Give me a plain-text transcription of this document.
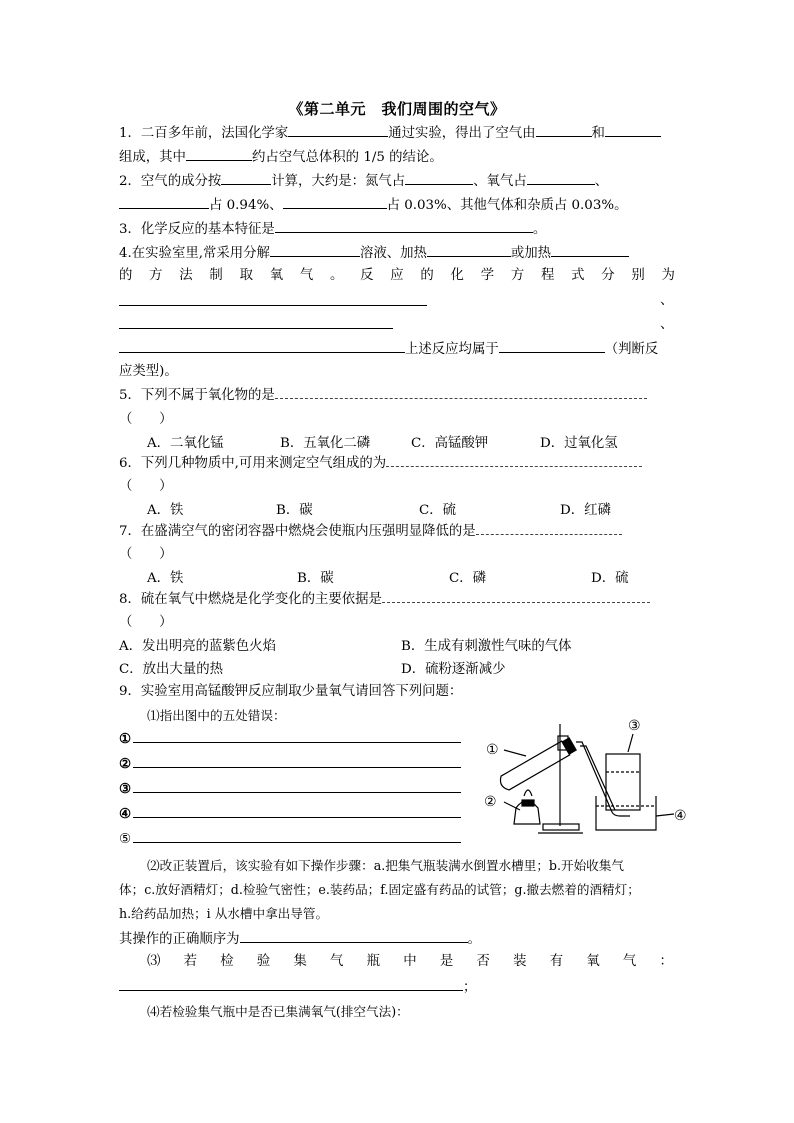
《第二单元　我们周围的空气》
1．二百多年前，法国化学家	通过实验，得出了空气由	和
组成，其中	约占空气总体积的 1/5 的结论。
2．空气的成分按	计算，大约是：氮气占	、氧气占	、
占 0.94%、	占 0.03%、其他气体和杂质占 0.03%。
3．化学反应的基本特征是	。
4.在实验室里,常采用分解	溶液、加热	或加热
的 方 法 制 取 氧 气 。 反 应 的 化 学 方 程 式 分 别 为
、
、
上述反应均属于	（判断反
应类型)。
5．下列不属于氧化物的是
（　　）
A．二氧化锰	B．五氧化二磷	C．高锰酸钾	D．过氧化氢
6．下列几种物质中,可用来测定空气组成的为
（　　）
A．铁	B．碳	C．硫	D．红磷
7．在盛满空气的密闭容器中燃烧会使瓶内压强明显降低的是
（　　）
A．铁	B．碳	C．磷	D．硫
8．硫在氧气中燃烧是化学变化的主要依据是
（　　）
A．发出明亮的蓝紫色火焰	B．生成有刺激性气味的气体
C．放出大量的热	D．硫粉逐渐减少
9．实验室用高锰酸钾反应制取少量氧气请回答下列问题：
⑴指出图中的五处错误：
①
②
③
④
⑤
①
②
③
④
⑵改正装置后，该实验有如下操作步骤：a.把集气瓶装满水倒置水槽里；b.开始收集气
体；c.放好酒精灯；d.检验气密性；e.装药品；f.固定盛有药品的试管；g.撤去燃着的酒精灯；
h.给药品加热；i 从水槽中拿出导管。
其操作的正确顺序为	。
⑶ 若 检 验 集 气 瓶 中 是 否 装 有 氧 气 ：
；
⑷若检验集气瓶中是否已集满氧气(排空气法)：
